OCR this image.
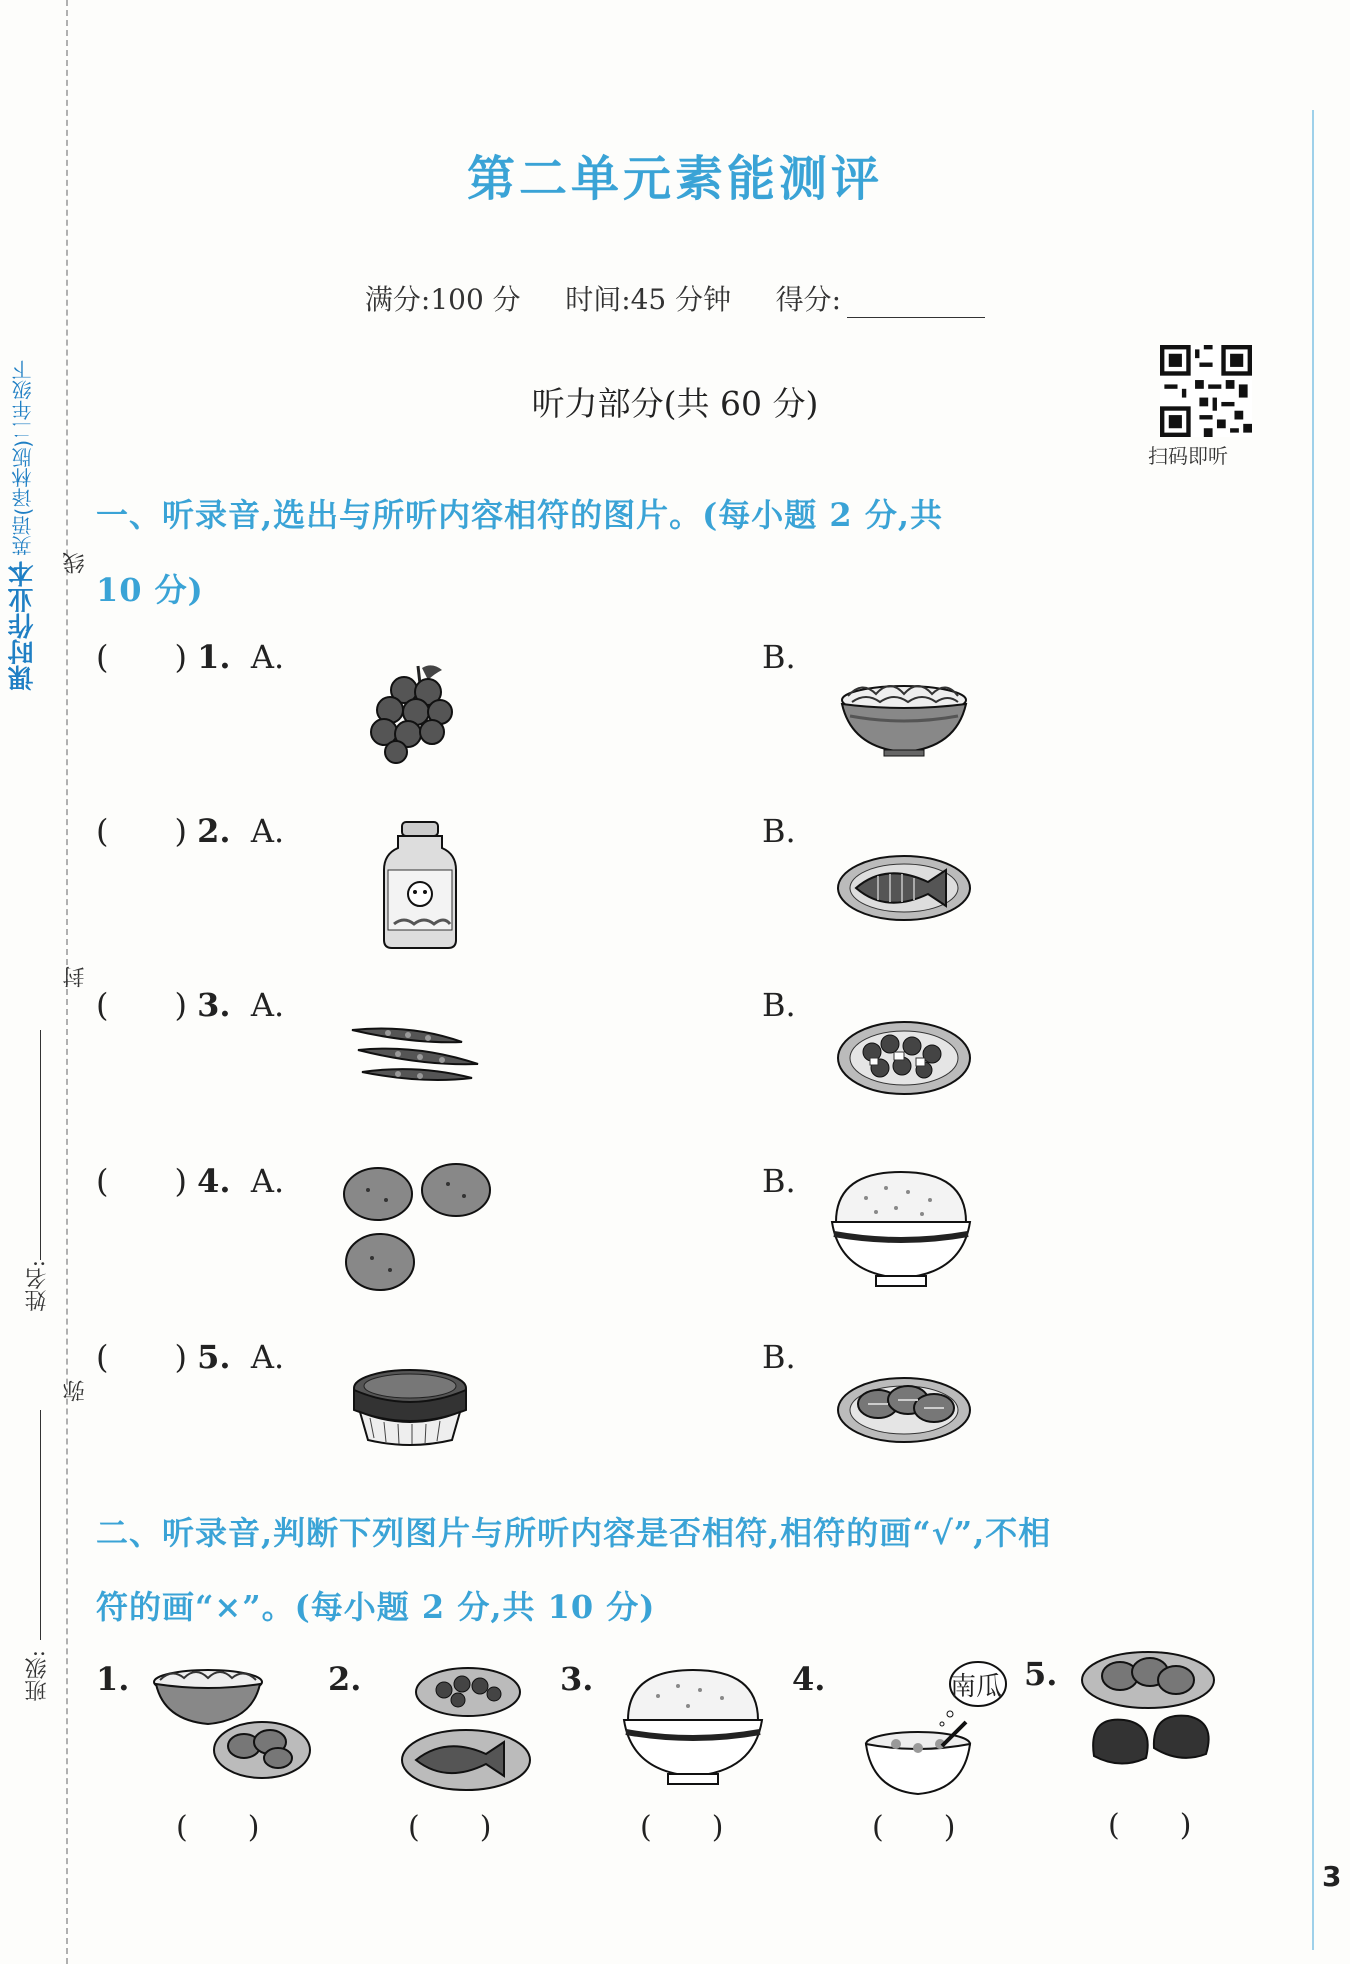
课时作业本 英语(译林版)二年级下
线
封
弥
姓名:
班级:
第二单元素能测评
满分:100 分 时间:45 分钟 得分:
听力部分(共 60 分)
扫码即听
一、听录音,选出与所听内容相符的图片。(每小题 2 分,共
10 分)
( ) 1. A.	B.
( ) 2. A.	B.
( ) 3. A.	B.
( ) 4. A.	B.
( ) 5. A.	B.
二、听录音,判断下列图片与所听内容是否相符,相符的画“√”,不相
符的画“×”。(每小题 2 分,共 10 分)
1.	2.	3.	4.	5.
南瓜
(　　)	(　　)	(　　)	(　　)	(　　)
3
